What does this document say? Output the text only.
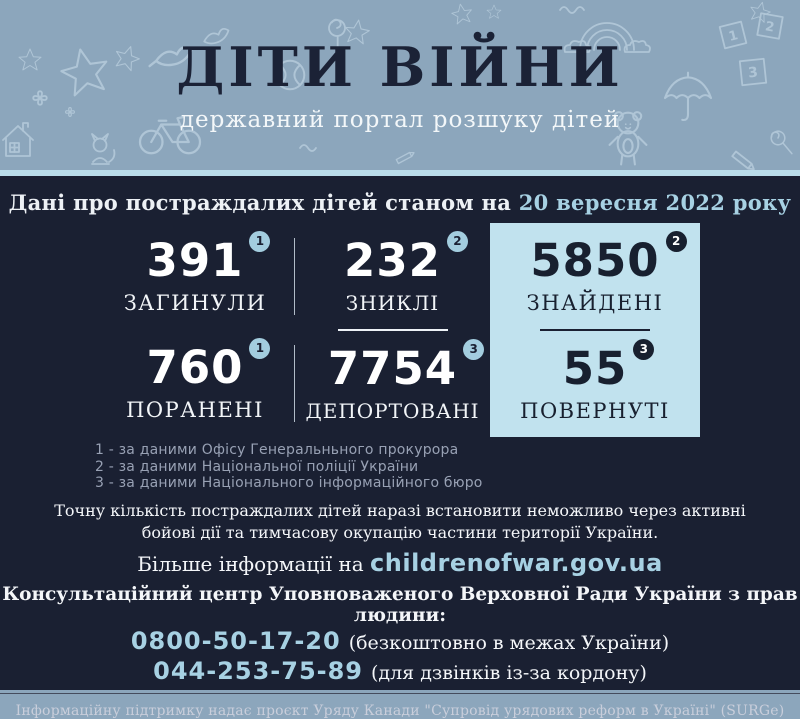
1
2
3
ДІТИ ВІЙНИ
державний портал розшуку дітей
Дані про постраждалих дітей станом на 20 вересня 2022 року
391	1
ЗАГИНУЛИ
760	1
ПОРАНЕНІ
232	2
ЗНИКЛІ
7754	3
ДЕПОРТОВАНІ
5850	2
ЗНАЙДЕНІ
55	3
ПОВЕРНУТІ
1 - за даними Офісу Генеральньного прокурора
2 - за даними Національної поліції України
3 - за даними Національного інформаційного бюро
Точну кількість постраждалих дітей наразі встановити неможливо через активні бойові дії та тимчасову окупацію частини території України.
Більше інформації на childrenofwar.gov.ua
Консультаційний центр Уповноваженого Верховної Ради України з прав людини:
0800-50-17-20 (безкоштовно в межах України)
044-253-75-89 (для дзвінків із-за кордону)
Інформаційну підтримку надає проєкт Уряду Канади "Супровід урядових реформ в Україні" (SURGe)
